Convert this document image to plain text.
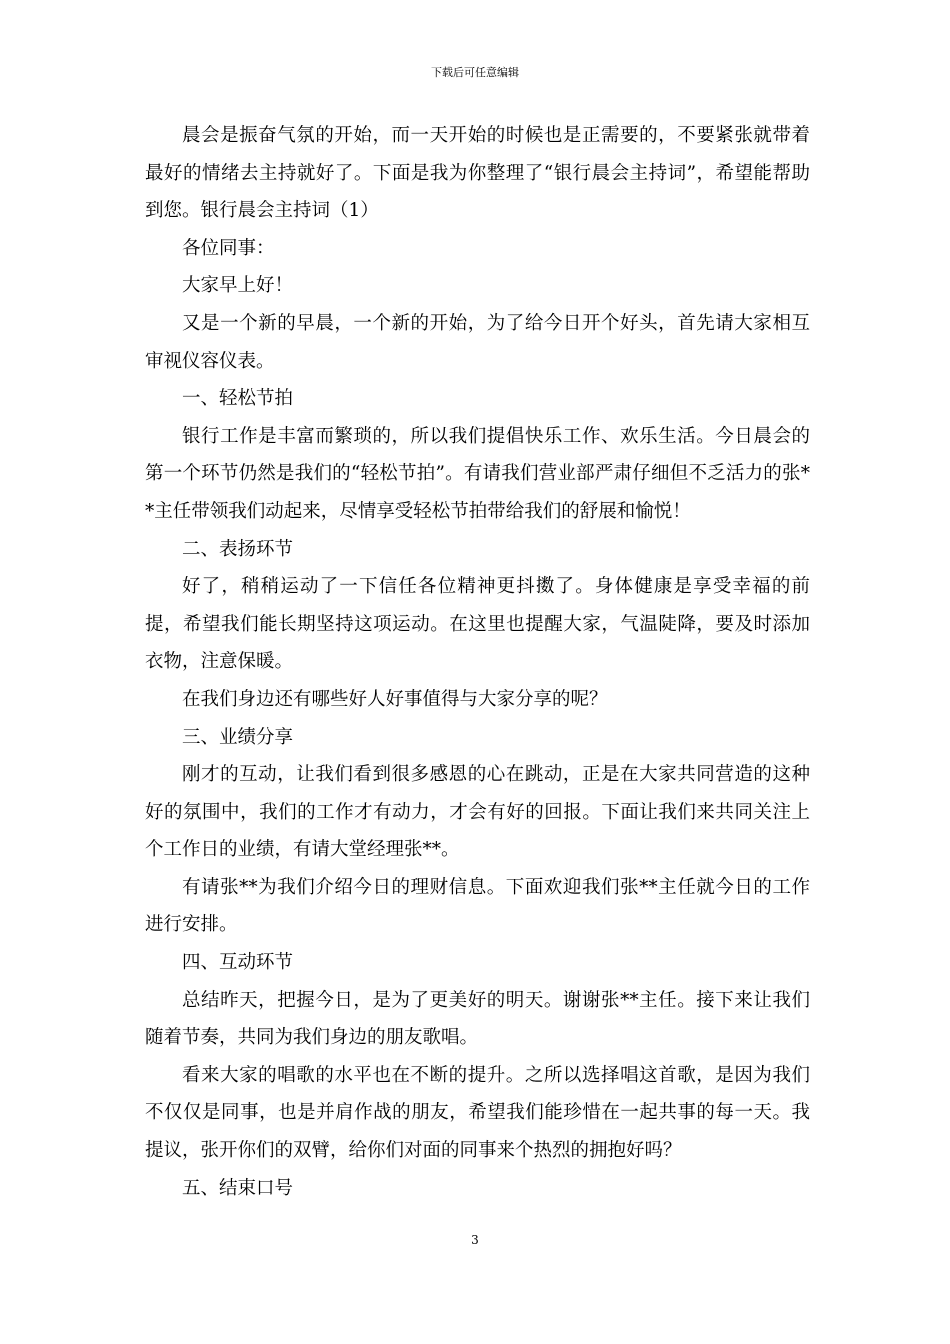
下载后可任意编辑

晨会是振奋气氛的开始，而一天开始的时候也是正需要的，不要紧张就带着最好的情绪去主持就好了。下面是我为你整理了“银行晨会主持词”，希望能帮助到您。银行晨会主持词（1）

各位同事：

大家早上好！

又是一个新的早晨，一个新的开始，为了给今日开个好头，首先请大家相互审视仪容仪表。

一、轻松节拍

银行工作是丰富而繁琐的，所以我们提倡快乐工作、欢乐生活。今日晨会的第一个环节仍然是我们的“轻松节拍”。有请我们营业部严肃仔细但不乏活力的张**主任带领我们动起来，尽情享受轻松节拍带给我们的舒展和愉悦！

二、表扬环节

好了，稍稍运动了一下信任各位精神更抖擞了。身体健康是享受幸福的前提，希望我们能长期坚持这项运动。在这里也提醒大家，气温陡降，要及时添加衣物，注意保暖。

在我们身边还有哪些好人好事值得与大家分享的呢？

三、业绩分享

刚才的互动，让我们看到很多感恩的心在跳动，正是在大家共同营造的这种好的氛围中，我们的工作才有动力，才会有好的回报。下面让我们来共同关注上个工作日的业绩，有请大堂经理张**。

有请张**为我们介绍今日的理财信息。下面欢迎我们张**主任就今日的工作进行安排。

四、互动环节

总结昨天，把握今日，是为了更美好的明天。谢谢张**主任。接下来让我们随着节奏，共同为我们身边的朋友歌唱。

看来大家的唱歌的水平也在不断的提升。之所以选择唱这首歌，是因为我们不仅仅是同事，也是并肩作战的朋友，希望我们能珍惜在一起共事的每一天。我提议，张开你们的双臂，给你们对面的同事来个热烈的拥抱好吗？

五、结束口号

3
